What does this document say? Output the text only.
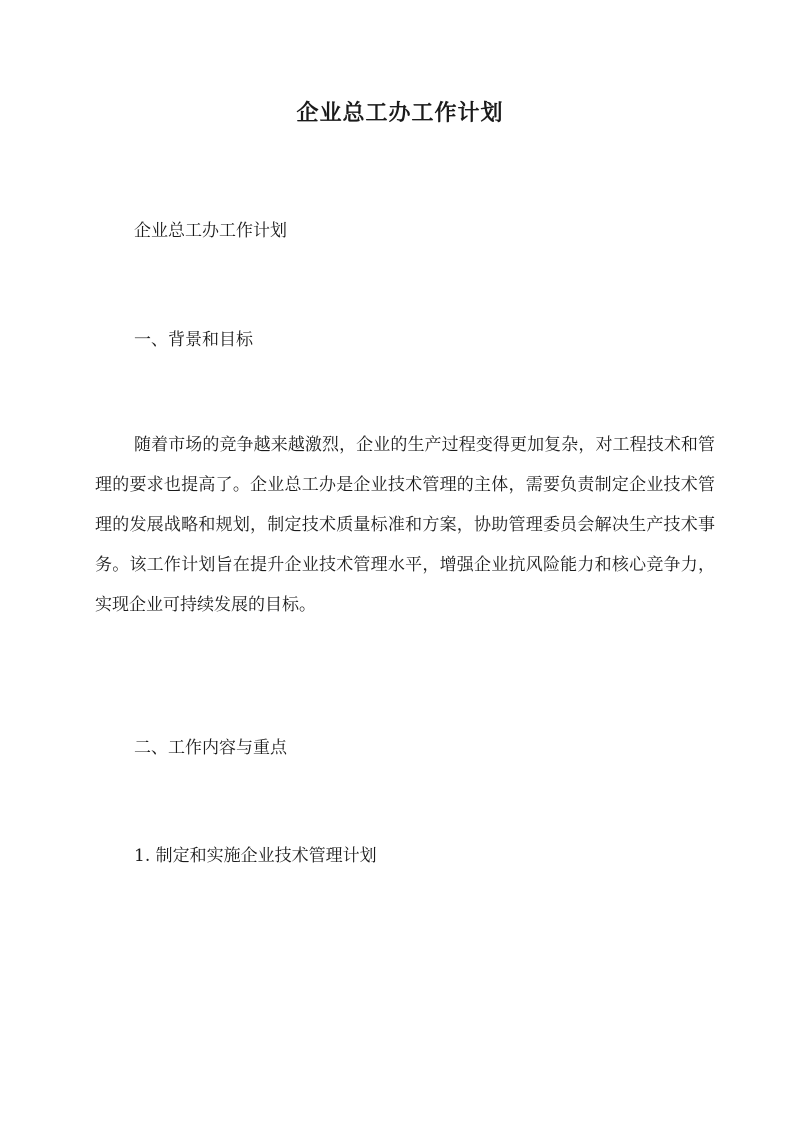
企业总工办工作计划

企业总工办工作计划

一、背景和目标

随着市场的竞争越来越激烈，企业的生产过程变得更加复杂，对工程技术和管理的要求也提高了。企业总工办是企业技术管理的主体，需要负责制定企业技术管理的发展战略和规划，制定技术质量标准和方案，协助管理委员会解决生产技术事务。该工作计划旨在提升企业技术管理水平，增强企业抗风险能力和核心竞争力，实现企业可持续发展的目标。

二、工作内容与重点

1. 制定和实施企业技术管理计划
